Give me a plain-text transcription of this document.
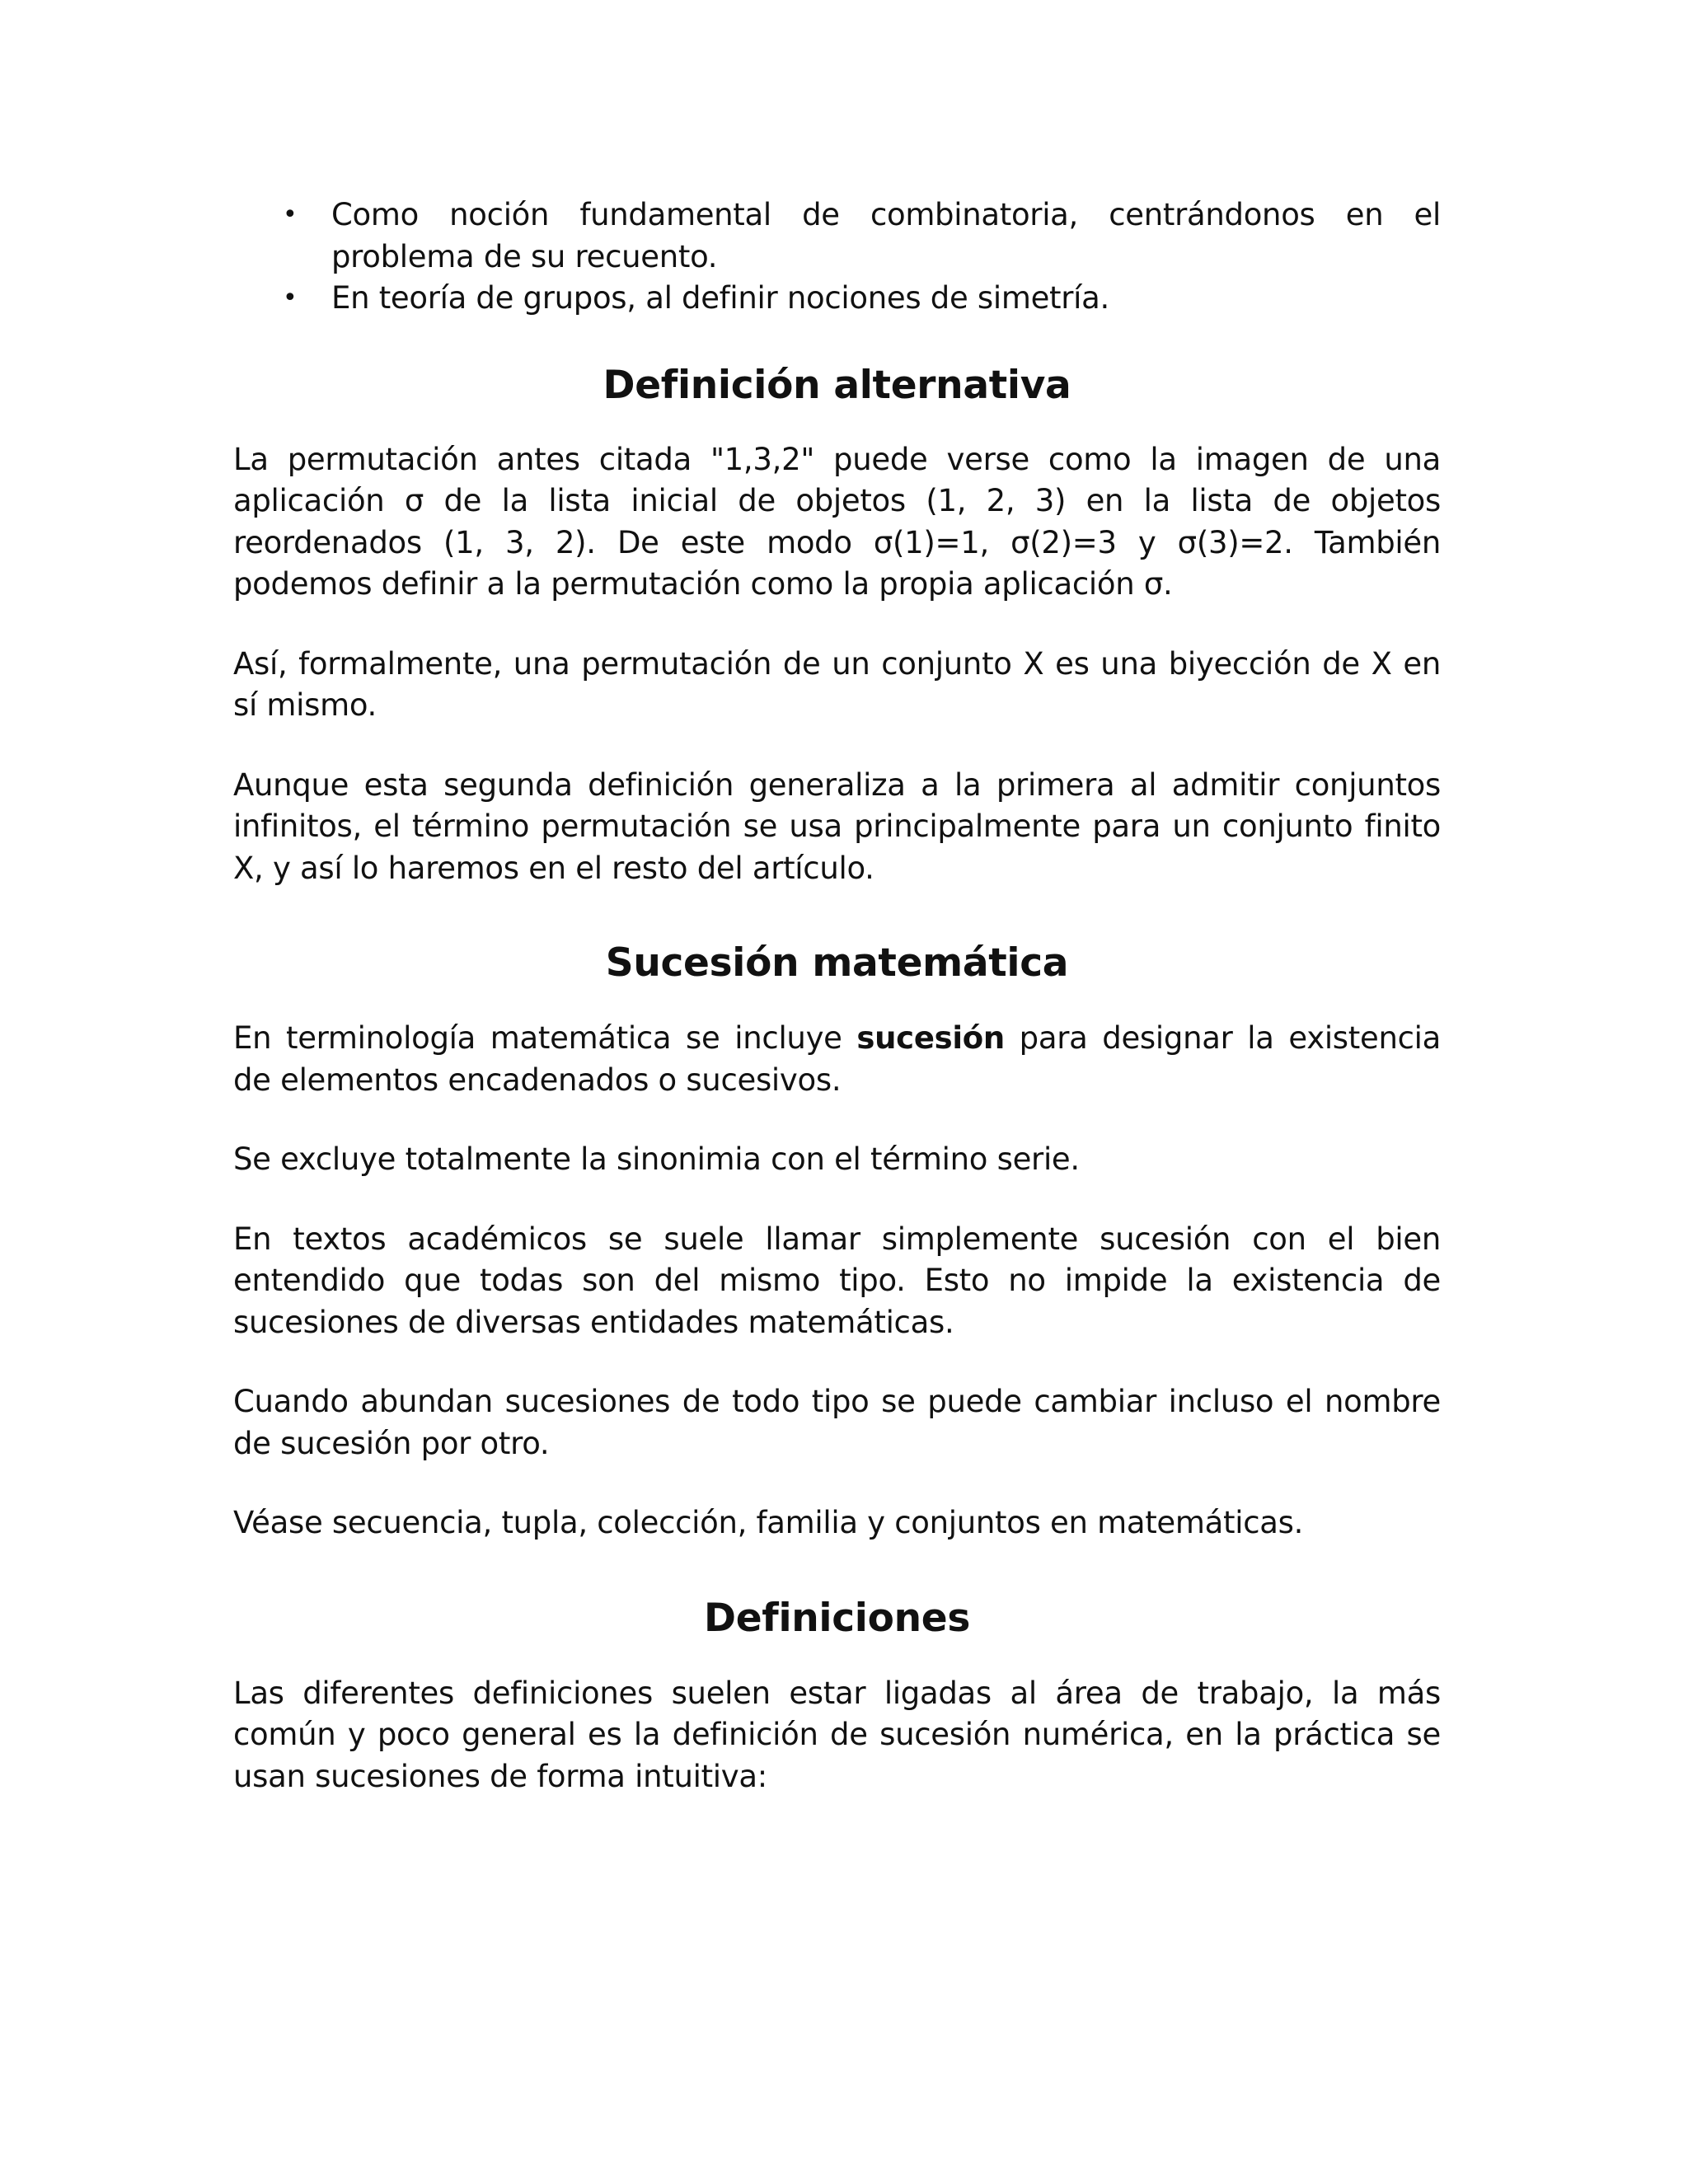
• Como noción fundamental de combinatoria, centrándonos en el problema de su recuento.
• En teoría de grupos, al definir nociones de simetría.
Definición alternativa

La permutación antes citada "1,3,2" puede verse como la imagen de una aplicación σ de la lista inicial de objetos (1, 2, 3) en la lista de objetos reordenados (1, 3, 2). De este modo σ(1)=1, σ(2)=3 y σ(3)=2. También podemos definir a la permutación como la propia aplicación σ.

Así, formalmente, una permutación de un conjunto X es una biyección de X en sí mismo.

Aunque esta segunda definición generaliza a la primera al admitir conjuntos infinitos, el término permutación se usa principalmente para un conjunto finito X, y así lo haremos en el resto del artículo.

Sucesión matemática

En terminología matemática se incluye sucesión para designar la existencia de elementos encadenados o sucesivos.

Se excluye totalmente la sinonimia con el término serie.

En textos académicos se suele llamar simplemente sucesión con el bien entendido que todas son del mismo tipo. Esto no impide la existencia de sucesiones de diversas entidades matemáticas.

Cuando abundan sucesiones de todo tipo se puede cambiar incluso el nombre de sucesión por otro.

Véase secuencia, tupla, colección, familia y conjuntos en matemáticas.

Definiciones

Las diferentes definiciones suelen estar ligadas al área de trabajo, la más común y poco general es la definición de sucesión numérica, en la práctica se usan sucesiones de forma intuitiva:
